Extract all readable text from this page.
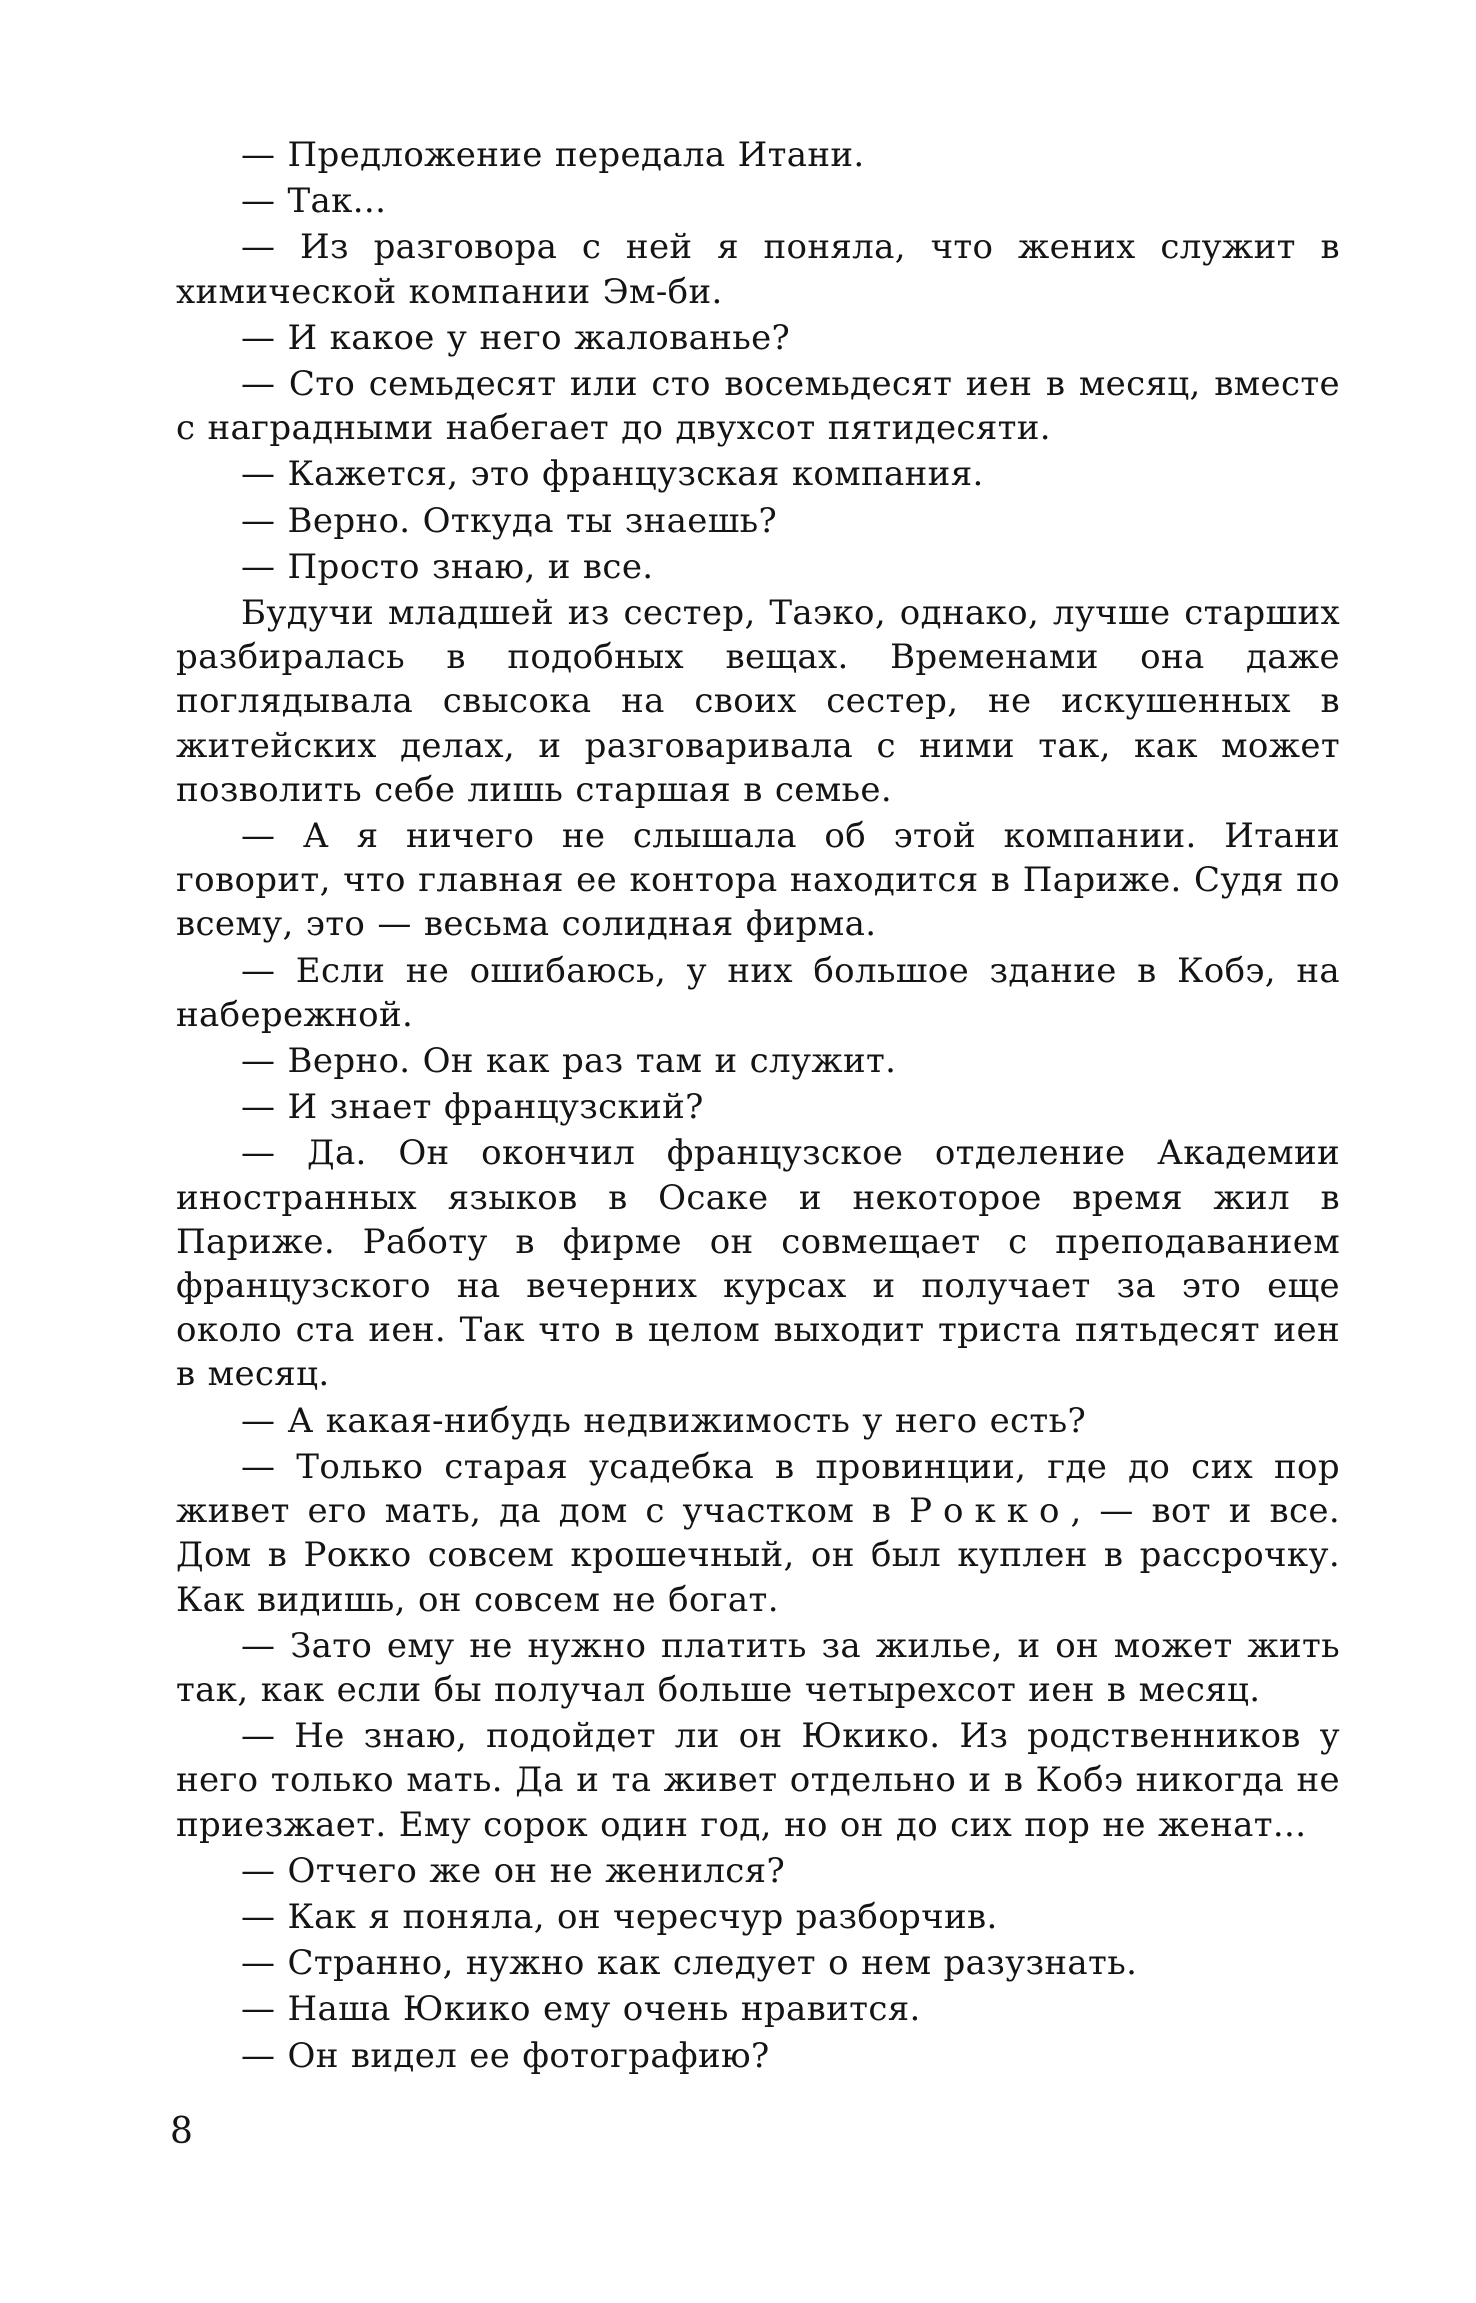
— Предложение передала Итани.

— Так...

— Из разговора с ней я поняла, что жених служит в химической компании Эм-би.

— И какое у него жалованье?

— Сто семьдесят или сто восемьдесят иен в месяц, вместе с наградными набегает до двухсот пятидесяти.

— Кажется, это французская компания.

— Верно. Откуда ты знаешь?

— Просто знаю, и все.

Будучи младшей из сестер, Таэко, однако, лучше старших разбиралась в подобных вещах. Временами она даже поглядывала свысока на своих сестер, не искушенных в житейских делах, и разговаривала с ними так, как может позволить себе лишь старшая в семье.

— А я ничего не слышала об этой компании. Итани говорит, что главная ее контора находится в Париже. Судя по всему, это — весьма солидная фирма.

— Если не ошибаюсь, у них большое здание в Кобэ, на набережной.

— Верно. Он как раз там и служит.

— И знает французский?

— Да. Он окончил французское отделение Академии иностранных языков в Осаке и некоторое время жил в Париже. Работу в фирме он совмещает с преподаванием французского на вечерних курсах и получает за это еще около ста иен. Так что в целом выходит триста пятьдесят иен в месяц.

— А какая-нибудь недвижимость у него есть?

— Только старая усадебка в провинции, где до сих пор живет его мать, да дом с участком в Рокко, — вот и все. Дом в Рокко совсем крошечный, он был куплен в рассрочку. Как видишь, он совсем не богат.

— Зато ему не нужно платить за жилье, и он может жить так, как если бы получал больше четырехсот иен в месяц.

— Не знаю, подойдет ли он Юкико. Из родственников у него только мать. Да и та живет отдельно и в Кобэ никогда не приезжает. Ему сорок один год, но он до сих пор не женат...

— Отчего же он не женился?

— Как я поняла, он чересчур разборчив.

— Странно, нужно как следует о нем разузнать.

— Наша Юкико ему очень нравится.

— Он видел ее фотографию?

8
